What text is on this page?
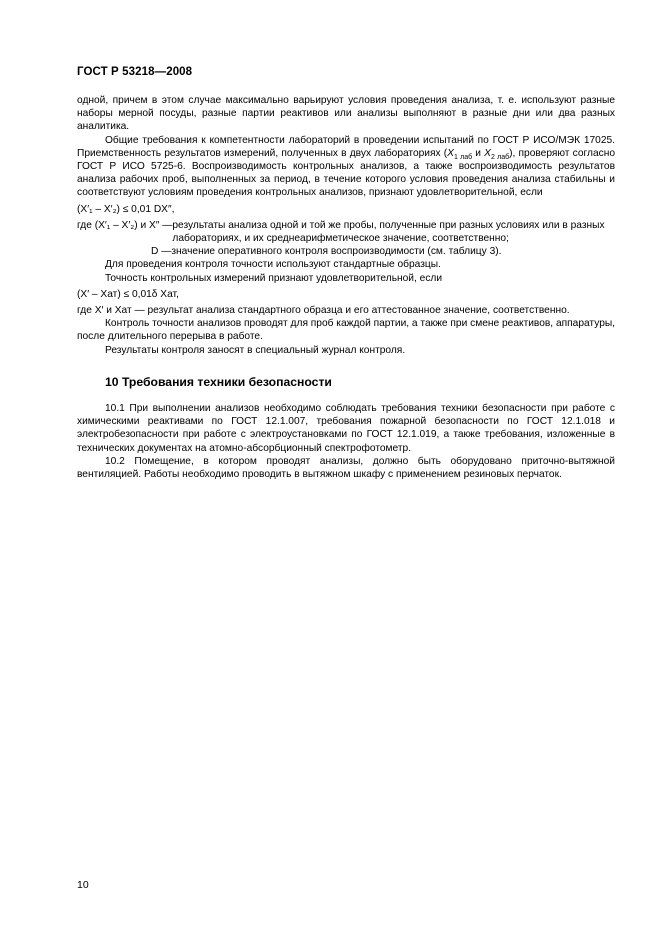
ГОСТ Р 53218—2008

одной, причем в этом случае максимально варьируют условия проведения анализа, т. е. используют разные наборы мерной посуды, разные партии реактивов или анализы выполняют в разные дни или два разных аналитика.

Общие требования к компетентности лабораторий в проведении испытаний по ГОСТ Р ИСО/МЭК 17025. Приемственность результатов измерений, полученных в двух лабораториях ($X_{1 лаб}$ и $X_{2 лаб}$), проверяют согласно ГОСТ Р ИСО 5725-6. Воспроизводимость контрольных анализов, а также воспроизводимость результатов анализа рабочих проб, выполненных за период, в течение которого условия проведения анализа стабильны и соответствуют условиям проведения контрольных анализов, признают удовлетворительной, если

(X′₁ – X′₂) ≤ 0,01 DX″,

где (X′₁ – X′₂) и X″ — результаты анализа одной и той же пробы, полученные при разных условиях или в разных лабораториях, и их среднеарифметическое значение, соответственно;
D — значение оперативного контроля воспроизводимости (см. таблицу 3).

Для проведения контроля точности используют стандартные образцы.

Точность контрольных измерений признают удовлетворительной, если

(X′ – Xат) ≤ 0,01δ Xат,

где X′ и Xат — результат анализа стандартного образца и его аттестованное значение, соответственно.

Контроль точности анализов проводят для проб каждой партии, а также при смене реактивов, аппаратуры, после длительного перерыва в работе.

Результаты контроля заносят в специальный журнал контроля.

10 Требования техники безопасности

10.1 При выполнении анализов необходимо соблюдать требования техники безопасности при работе с химическими реактивами по ГОСТ 12.1.007, требования пожарной безопасности по ГОСТ 12.1.018 и электробезопасности при работе с электроустановками по ГОСТ 12.1.019, а также требования, изложенные в технических документах на атомно-абсорбционный спектрофотометр.

10.2 Помещение, в котором проводят анализы, должно быть оборудовано приточно-вытяжной вентиляцией. Работы необходимо проводить в вытяжном шкафу с применением резиновых перчаток.

10
